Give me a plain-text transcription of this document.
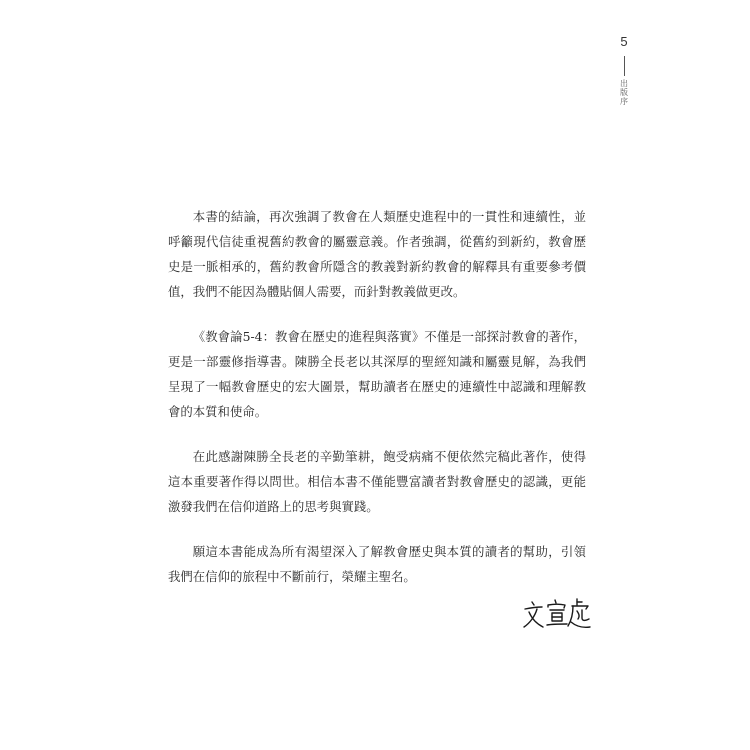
5
出版序

本書的結論，再次強調了教會在人類歷史進程中的一貫性和連續性，並呼籲現代信徒重視舊約教會的屬靈意義。作者強調，從舊約到新約，教會歷史是一脈相承的，舊約教會所隱含的教義對新約教會的解釋具有重要參考價值，我們不能因為體貼個人需要，而針對教義做更改。

《教會論5-4：教會在歷史的進程與落實》不僅是一部探討教會的著作，更是一部靈修指導書。陳勝全長老以其深厚的聖經知識和屬靈見解，為我們呈現了一幅教會歷史的宏大圖景，幫助讀者在歷史的連續性中認識和理解教會的本質和使命。

在此感謝陳勝全長老的辛勤筆耕，飽受病痛不便依然完稿此著作，使得這本重要著作得以問世。相信本書不僅能豐富讀者對教會歷史的認識，更能激發我們在信仰道路上的思考與實踐。

願這本書能成為所有渴望深入了解教會歷史與本質的讀者的幫助，引領我們在信仰的旅程中不斷前行，榮耀主聖名。
